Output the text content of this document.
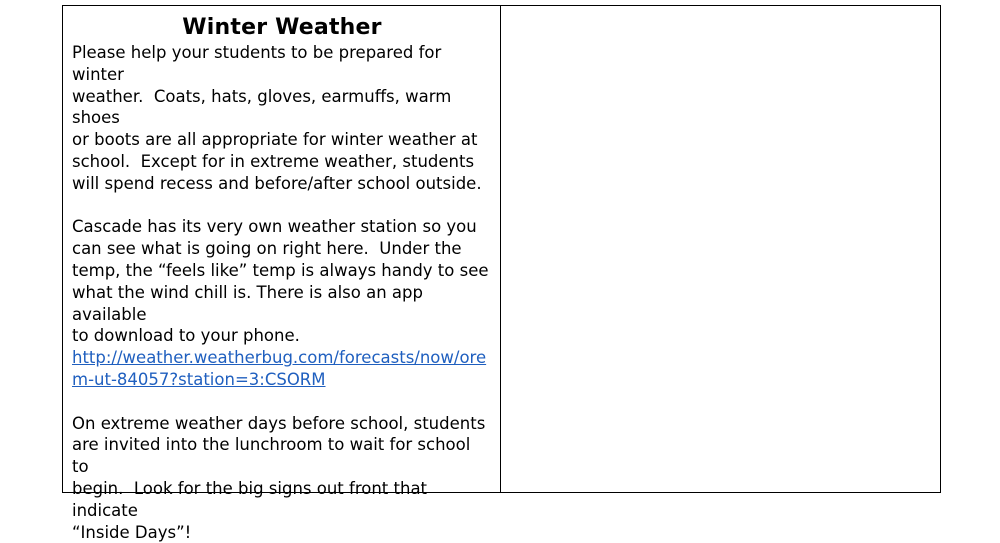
Winter Weather

Please help your students to be prepared for winter
weather.  Coats, hats, gloves, earmuffs, warm shoes
or boots are all appropriate for winter weather at
school.  Except for in extreme weather, students
will spend recess and before/after school outside.

Cascade has its very own weather station so you
can see what is going on right here.  Under the
temp, the “feels like” temp is always handy to see
what the wind chill is. There is also an app available
to download to your phone.
http://weather.weatherbug.com/forecasts/now/ore
m-ut-84057?station=3:CSORM

On extreme weather days before school, students
are invited into the lunchroom to wait for school to
begin.  Look for the big signs out front that indicate
“Inside Days”!
